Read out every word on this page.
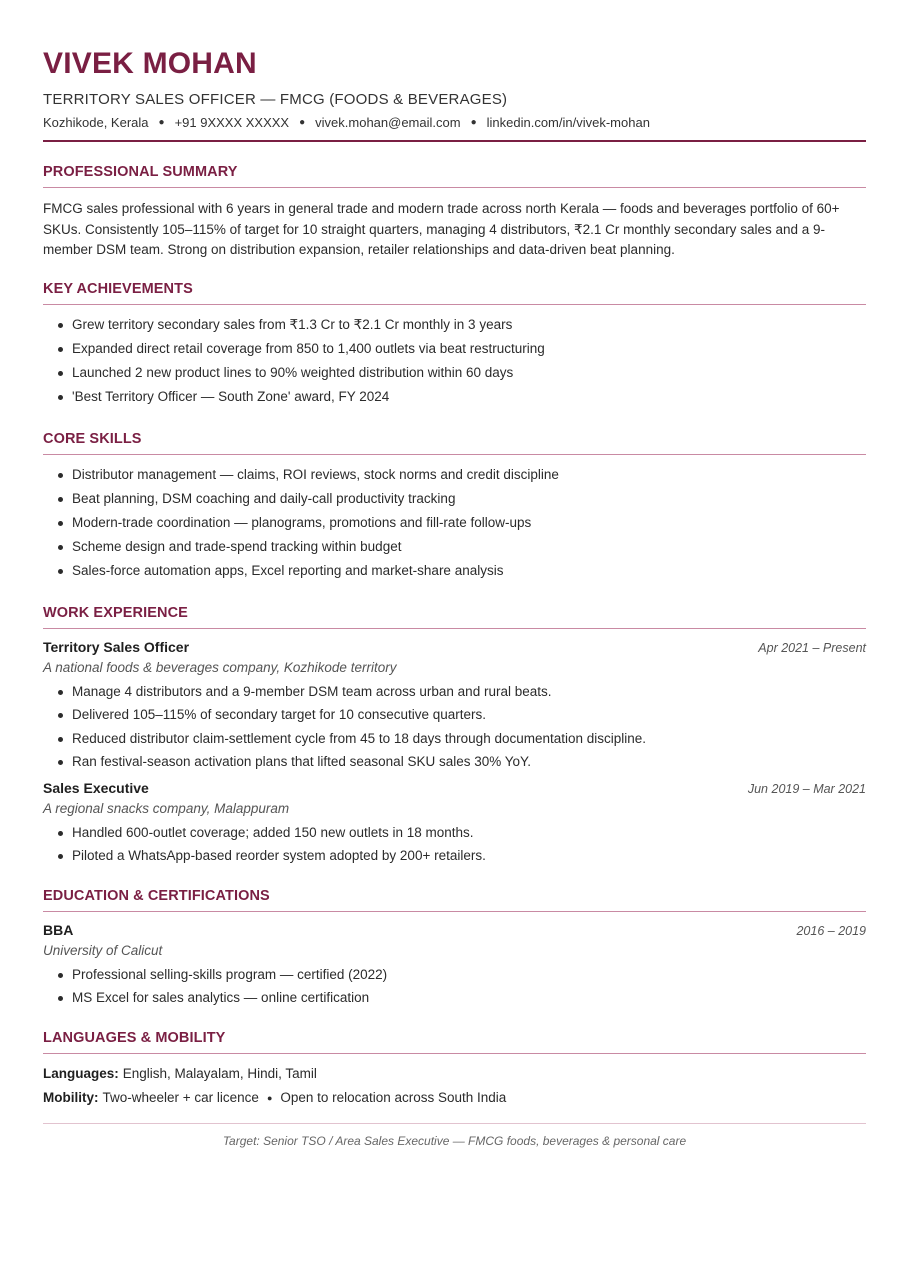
VIVEK MOHAN
TERRITORY SALES OFFICER — FMCG (FOODS & BEVERAGES)
Kozhikode, Kerala ● +91 9XXXX XXXXX ● vivek.mohan@email.com ● linkedin.com/in/vivek-mohan
PROFESSIONAL SUMMARY

FMCG sales professional with 6 years in general trade and modern trade across north Kerala — foods and beverages portfolio of 60+ SKUs. Consistently 105–115% of target for 10 straight quarters, managing 4 distributors, ₹2.1 Cr monthly secondary sales and a 9-member DSM team. Strong on distribution expansion, retailer relationships and data-driven beat planning.

KEY ACHIEVEMENTS
Grew territory secondary sales from ₹1.3 Cr to ₹2.1 Cr monthly in 3 years
Expanded direct retail coverage from 850 to 1,400 outlets via beat restructuring
Launched 2 new product lines to 90% weighted distribution within 60 days
'Best Territory Officer — South Zone' award, FY 2024
CORE SKILLS
Distributor management — claims, ROI reviews, stock norms and credit discipline
Beat planning, DSM coaching and daily-call productivity tracking
Modern-trade coordination — planograms, promotions and fill-rate follow-ups
Scheme design and trade-spend tracking within budget
Sales-force automation apps, Excel reporting and market-share analysis
WORK EXPERIENCE
Territory Sales Officer	Apr 2021 – Present
A national foods & beverages company, Kozhikode territory
Manage 4 distributors and a 9-member DSM team across urban and rural beats.
Delivered 105–115% of secondary target for 10 consecutive quarters.
Reduced distributor claim-settlement cycle from 45 to 18 days through documentation discipline.
Ran festival-season activation plans that lifted seasonal SKU sales 30% YoY.
Sales Executive	Jun 2019 – Mar 2021
A regional snacks company, Malappuram
Handled 600-outlet coverage; added 150 new outlets in 18 months.
Piloted a WhatsApp-based reorder system adopted by 200+ retailers.
EDUCATION & CERTIFICATIONS
BBA	2016 – 2019
University of Calicut
Professional selling-skills program — certified (2022)
MS Excel for sales analytics — online certification
LANGUAGES & MOBILITY
Languages: English, Malayalam, Hindi, Tamil
Mobility: Two-wheeler + car licence ● Open to relocation across South India
Target: Senior TSO / Area Sales Executive — FMCG foods, beverages & personal care
